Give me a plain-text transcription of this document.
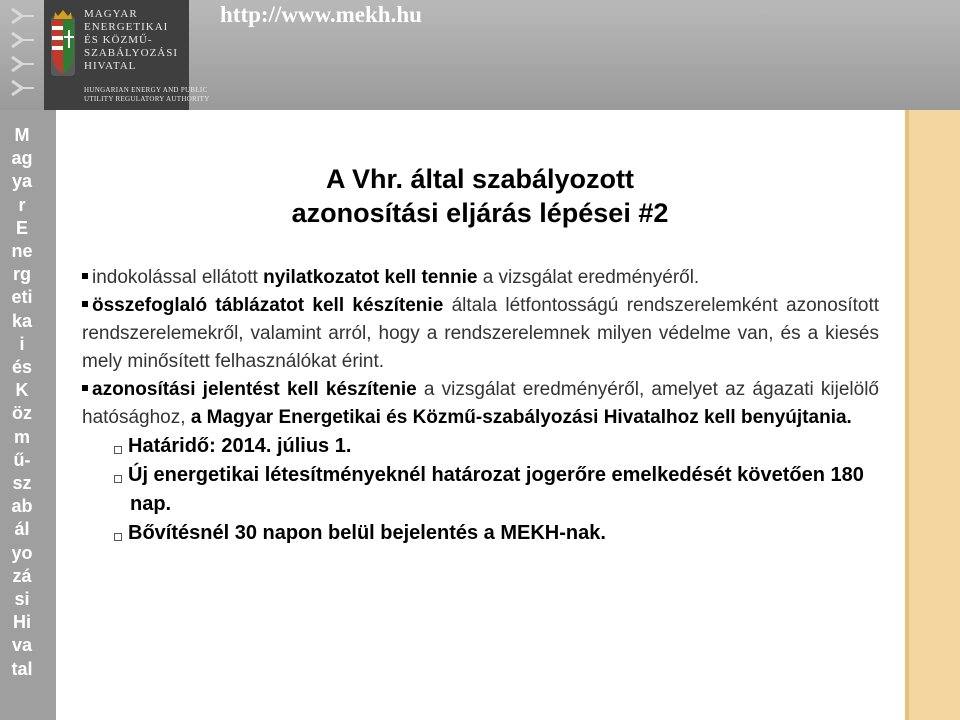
MAGYAR
ENERGETIKAI
ÉS KÖZMŰ-
SZABÁLYOZÁSI
HIVATAL
HUNGARIAN ENERGY AND PUBLIC
UTILITY REGULATORY AUTHORITY
http://www.mekh.hu
M
ag
ya
r
E
ne
rg
eti
ka
i
és
K
öz
m
ű-
sz
ab
ál
yo
zá
si
Hi
va
tal
A Vhr. által szabályozott
azonosítási eljárás lépései #2

indokolással ellátott nyilatkozatot kell tennie a vizsgálat eredményéről.

összefoglaló táblázatot kell készítenie általa létfontosságú rendszerelemként azonosított rendszerelemekről, valamint arról, hogy a rendszerelemnek milyen védelme van, és a kiesés mely minősített felhasználókat érint.

azonosítási jelentést kell készítenie a vizsgálat eredményéről, amelyet az ágazati kijelölő hatósághoz, a Magyar Energetikai és Közmű-szabályozási Hivatalhoz kell benyújtania.

Határidő: 2014. július 1.

Új energetikai létesítményeknél határozat jogerőre emelkedését követően 180 nap.

Bővítésnél 30 napon belül bejelentés a MEKH-nak.
